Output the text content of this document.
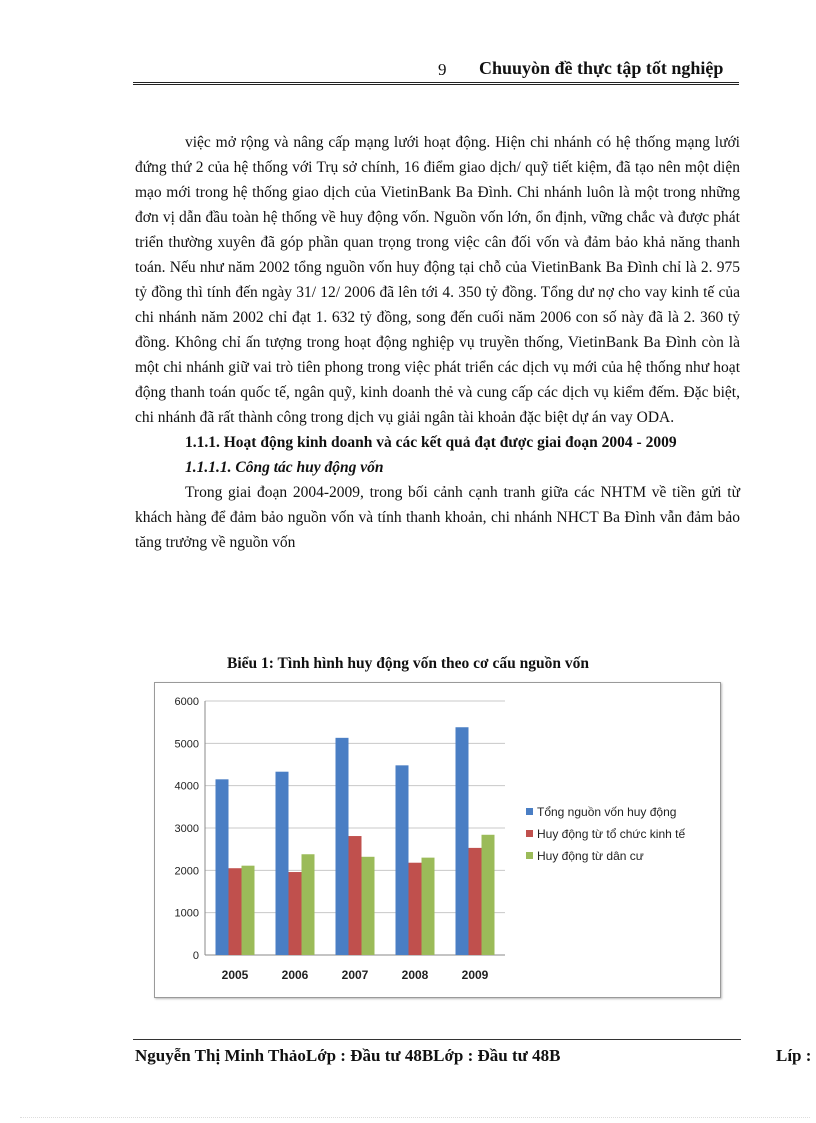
9 Chuuyòn đề thực tập tốt nghiệp

việc mở rộng và nâng cấp mạng lưới hoạt động. Hiện chi nhánh có hệ thống mạng lưới đứng thứ 2 của hệ thống với Trụ sở chính, 16 điểm giao dịch/ quỹ tiết kiệm, đã tạo nên một diện mạo mới trong hệ thống giao dịch của VietinBank Ba Đình. Chi nhánh luôn là một trong những đơn vị dẫn đầu toàn hệ thống về huy động vốn. Nguồn vốn lớn, ổn định, vững chắc và được phát triển thường xuyên đã góp phần quan trọng trong việc cân đối vốn và đảm bảo khả năng thanh toán. Nếu như năm 2002 tổng nguồn vốn huy động tại chỗ của VietinBank Ba Đình chỉ là 2. 975 tỷ đồng thì tính đến ngày 31/ 12/ 2006 đã lên tới 4. 350 tỷ đồng. Tổng dư nợ cho vay kinh tế của chi nhánh năm 2002 chỉ đạt 1. 632 tỷ đồng, song đến cuối năm 2006 con số này đã là 2. 360 tỷ đồng. Không chỉ ấn tượng trong hoạt động nghiệp vụ truyền thống, VietinBank Ba Đình còn là một chi nhánh giữ vai trò tiên phong trong việc phát triển các dịch vụ mới của hệ thống như hoạt động thanh toán quốc tế, ngân quỹ, kinh doanh thẻ và cung cấp các dịch vụ kiểm đếm. Đặc biệt, chi nhánh đã rất thành công trong dịch vụ giải ngân tài khoản đặc biệt dự án vay ODA.

1.1.1. Hoạt động kinh doanh và các kết quả đạt được giai đoạn 2004 - 2009

1.1.1.1. Công tác huy động vốn

Trong giai đoạn 2004-2009, trong bối cảnh cạnh tranh giữa các NHTM về tiền gửi từ khách hàng để đảm bảo nguồn vốn và tính thanh khoản, chi nhánh NHCT Ba Đình vẫn đảm bảo tăng trưởng về nguồn vốn

Biểu 1: Tình hình huy động vốn theo cơ cấu nguồn vốn
0
1000
2000
3000
4000
5000
6000
2005	2006	2007	2008	2009
Tổng nguồn vốn huy động
Huy động từ tổ chức kinh tế
Huy động từ dân cư
Nguyễn Thị Minh ThảoLớp : Đầu tư 48BLớp : Đầu tư 48B	Líp :
